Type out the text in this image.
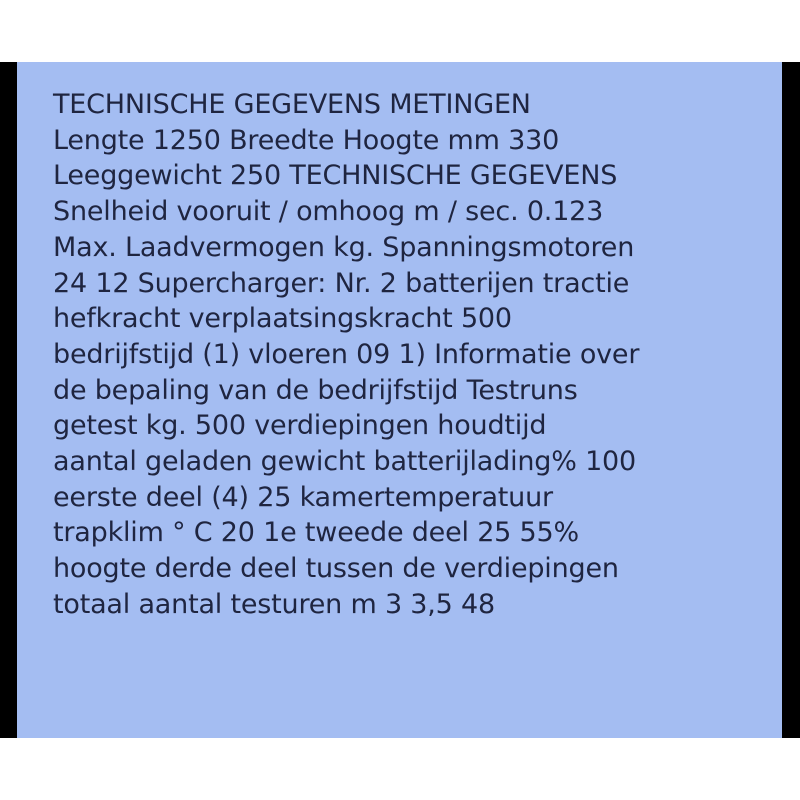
TECHNISCHE GEGEVENS METINGEN
Lengte 1250 Breedte Hoogte mm 330
Leeggewicht 250 TECHNISCHE GEGEVENS
Snelheid vooruit / omhoog m / sec. 0.123
Max. Laadvermogen kg. Spanningsmotoren
24 12 Supercharger: Nr. 2 batterijen tractie
hefkracht verplaatsingskracht 500
bedrijfstijd (1) vloeren 09 1) Informatie over
de bepaling van de bedrijfstijd Testruns
getest kg. 500 verdiepingen houdtijd
aantal geladen gewicht batterijlading% 100
eerste deel (4) 25 kamertemperatuur
trapklim ° C 20 1e tweede deel 25 55%
hoogte derde deel tussen de verdiepingen
totaal aantal testuren m 3 3,5 48
